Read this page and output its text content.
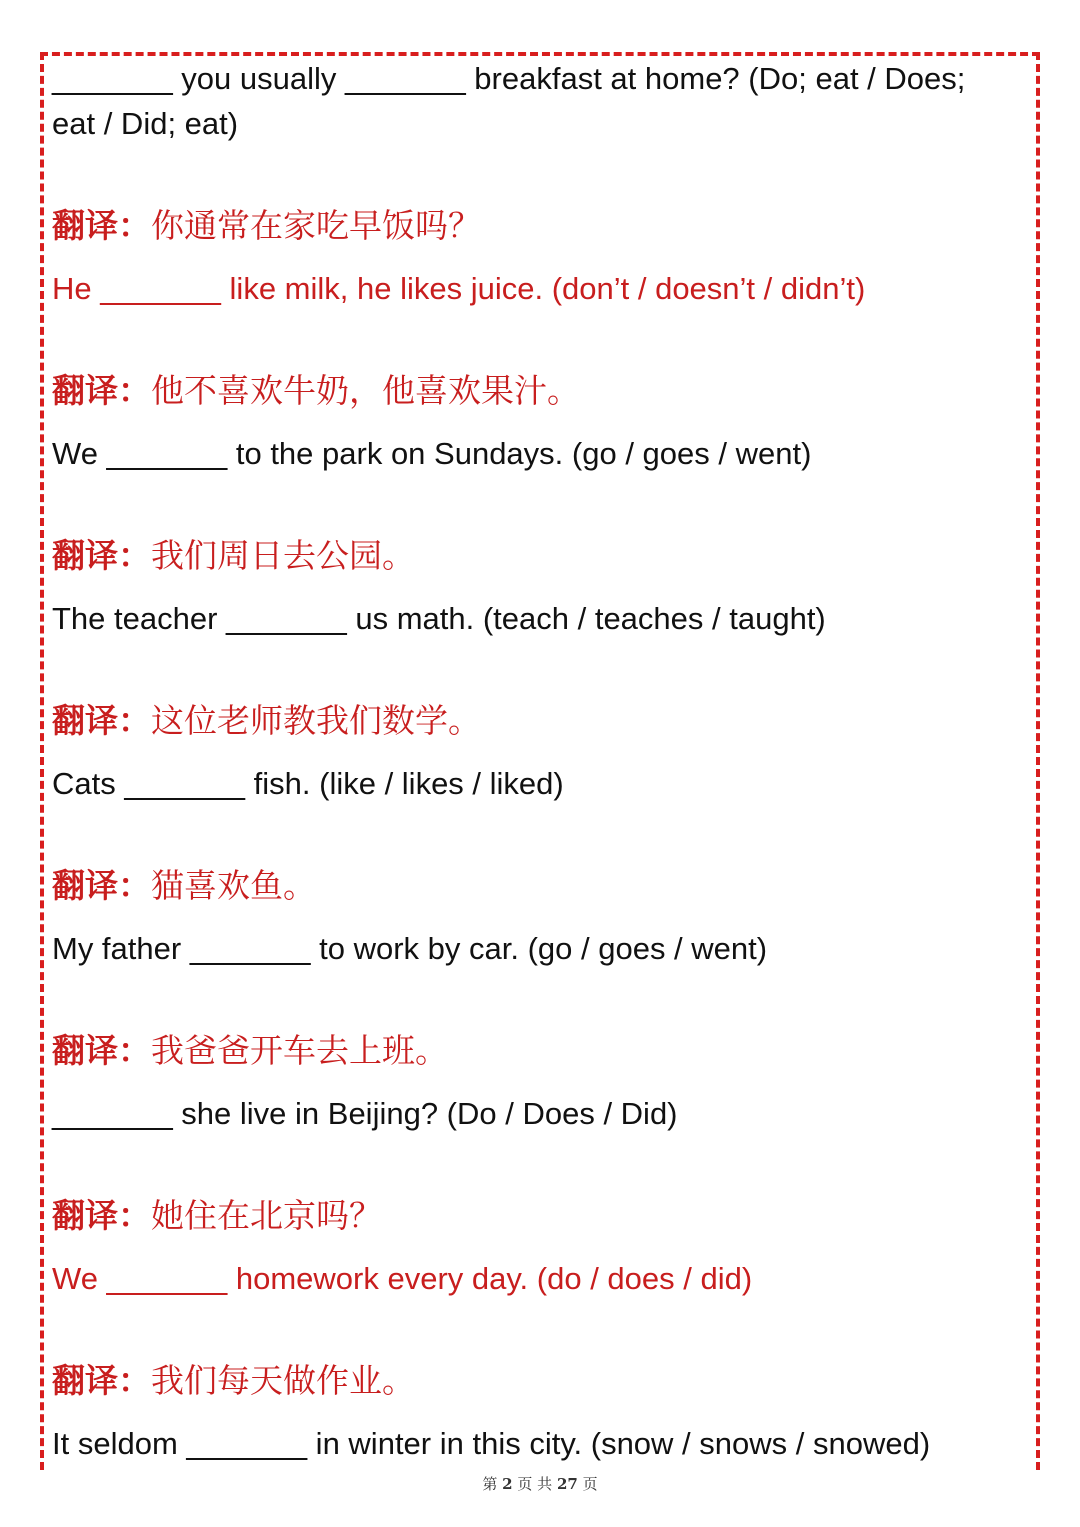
_______ you usually _______ breakfast at home? (Do; eat / Does;
eat / Did; eat)
翻译：你通常在家吃早饭吗？
He _______ like milk, he likes juice. (don’t / doesn’t / didn’t)
翻译：他不喜欢牛奶，他喜欢果汁。
We _______ to the park on Sundays. (go / goes / went)
翻译：我们周日去公园。
The teacher _______ us math. (teach / teaches / taught)
翻译：这位老师教我们数学。
Cats _______ fish. (like / likes / liked)
翻译：猫喜欢鱼。
My father _______ to work by car. (go / goes / went)
翻译：我爸爸开车去上班。
_______ she live in Beijing? (Do / Does / Did)
翻译：她住在北京吗？
We _______ homework every day. (do / does / did)
翻译：我们每天做作业。
It seldom _______ in winter in this city. (snow / snows / snowed)
第 2 页 共 27 页
